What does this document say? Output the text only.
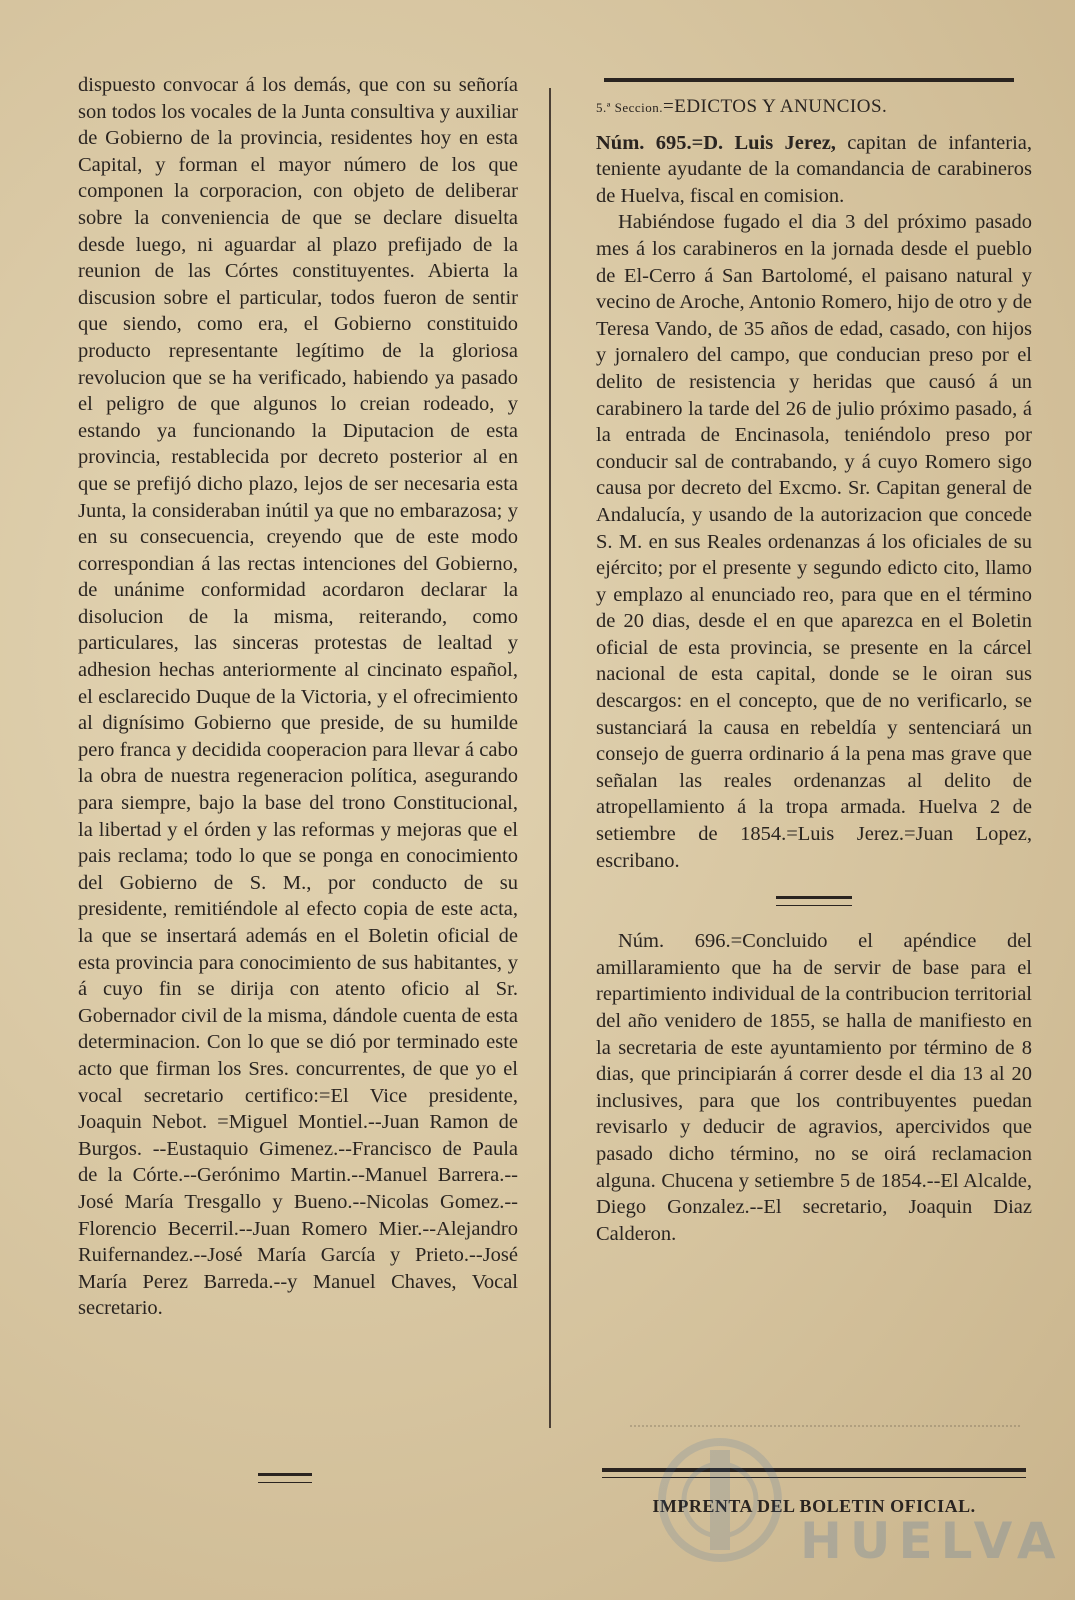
dispuesto convocar á los demás, que con su señoría son todos los vocales de la Junta consultiva y auxiliar de Gobierno de la provincia, residentes hoy en esta Capital, y forman el mayor número de los que componen la corporacion, con objeto de deliberar sobre la conveniencia de que se declare disuelta desde luego, ni aguardar al plazo prefijado de la reunion de las Córtes constituyentes. Abierta la discusion sobre el particular, todos fueron de sentir que siendo, como era, el Gobierno constituido producto representante legítimo de la gloriosa revolucion que se ha verificado, habiendo ya pasado el peligro de que algunos lo creian rodeado, y estando ya funcionando la Diputacion de esta provincia, restablecida por decreto posterior al en que se prefijó dicho plazo, lejos de ser necesaria esta Junta, la consideraban inútil ya que no embarazosa; y en su consecuencia, creyendo que de este modo correspondian á las rectas intenciones del Gobierno, de unánime conformidad acordaron declarar la disolucion de la misma, reiterando, como particulares, las sinceras protestas de lealtad y adhesion hechas anteriormente al cincinato español, el esclarecido Duque de la Victoria, y el ofrecimiento al dignísimo Gobierno que preside, de su humilde pero franca y decidida cooperacion para llevar á cabo la obra de nuestra regeneracion política, asegurando para siempre, bajo la base del trono Constitucional, la libertad y el órden y las reformas y mejoras que el pais reclama; todo lo que se ponga en conocimiento del Gobierno de S. M., por conducto de su presidente, remitiéndole al efecto copia de este acta, la que se insertará además en el Boletin oficial de esta provincia para conocimiento de sus habitantes, y á cuyo fin se dirija con atento oficio al Sr. Gobernador civil de la misma, dándole cuenta de esta determinacion. Con lo que se dió por terminado este acto que firman los Sres. concurrentes, de que yo el vocal secretario certifico:=El Vice presidente, Joaquin Nebot. =Miguel Montiel.--Juan Ramon de Burgos. --Eustaquio Gimenez.--Francisco de Paula de la Córte.--Gerónimo Martin.--Manuel Barrera.--José María Tresgallo y Bueno.--Nicolas Gomez.--Florencio Becerril.--Juan Romero Mier.--Alejandro Ruifernandez.--José María García y Prieto.--José María Perez Barreda.--y Manuel Chaves, Vocal secretario.

5.ª Seccion.=EDICTOS Y ANUNCIOS.

Núm. 695.=D. Luis Jerez, capitan de infanteria, teniente ayudante de la comandancia de carabineros de Huelva, fiscal en comision.

Habiéndose fugado el dia 3 del próximo pasado mes á los carabineros en la jornada desde el pueblo de El-Cerro á San Bartolomé, el paisano natural y vecino de Aroche, Antonio Romero, hijo de otro y de Teresa Vando, de 35 años de edad, casado, con hijos y jornalero del campo, que conducian preso por el delito de resistencia y heridas que causó á un carabinero la tarde del 26 de julio próximo pasado, á la entrada de Encinasola, teniéndolo preso por conducir sal de contrabando, y á cuyo Romero sigo causa por decreto del Excmo. Sr. Capitan general de Andalucía, y usando de la autorizacion que concede S. M. en sus Reales ordenanzas á los oficiales de su ejército; por el presente y segundo edicto cito, llamo y emplazo al enunciado reo, para que en el término de 20 dias, desde el en que aparezca en el Boletin oficial de esta provincia, se presente en la cárcel nacional de esta capital, donde se le oiran sus descargos: en el concepto, que de no verificarlo, se sustanciará la causa en rebeldía y sentenciará un consejo de guerra ordinario á la pena mas grave que señalan las reales ordenanzas al delito de atropellamiento á la tropa armada. Huelva 2 de setiembre de 1854.=Luis Jerez.=Juan Lopez, escribano.

Núm. 696.=Concluido el apéndice del amillaramiento que ha de servir de base para el repartimiento individual de la contribucion territorial del año venidero de 1855, se halla de manifiesto en la secretaria de este ayuntamiento por término de 8 dias, que principiarán á correr desde el dia 13 al 20 inclusives, para que los contribuyentes puedan revisarlo y deducir de agravios, apercividos que pasado dicho término, no se oirá reclamacion alguna. Chucena y setiembre 5 de 1854.--El Alcalde, Diego Gonzalez.--El secretario, Joaquin Diaz Calderon.

IMPRENTA DEL BOLETIN OFICIAL.
HUELVA
